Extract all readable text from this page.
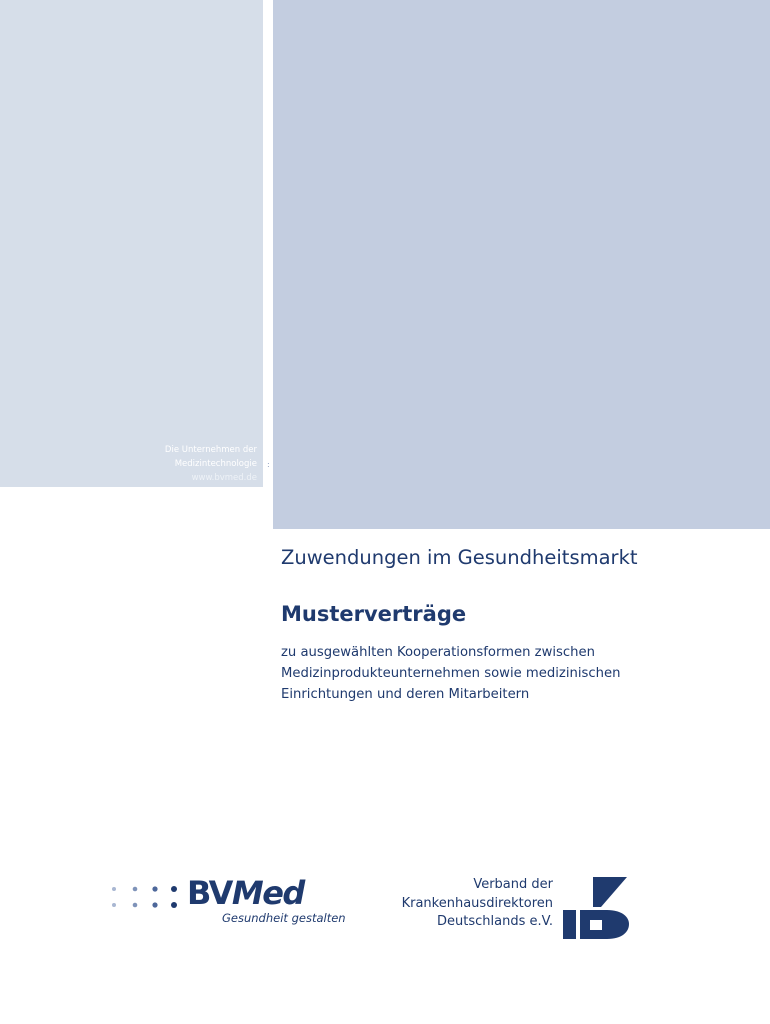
Die Unternehmen der
Medizintechnologie
www.bvmed.de
:
Zuwendungen im Gesundheitsmarkt
Musterverträge
zu ausgewählten Kooperationsformen zwischen
Medizinprodukteunternehmen sowie medizinischen
Einrichtungen und deren Mitarbeitern
BVMed
Gesundheit gestalten
Verband der
Krankenhausdirektoren
Deutschlands e.V.
